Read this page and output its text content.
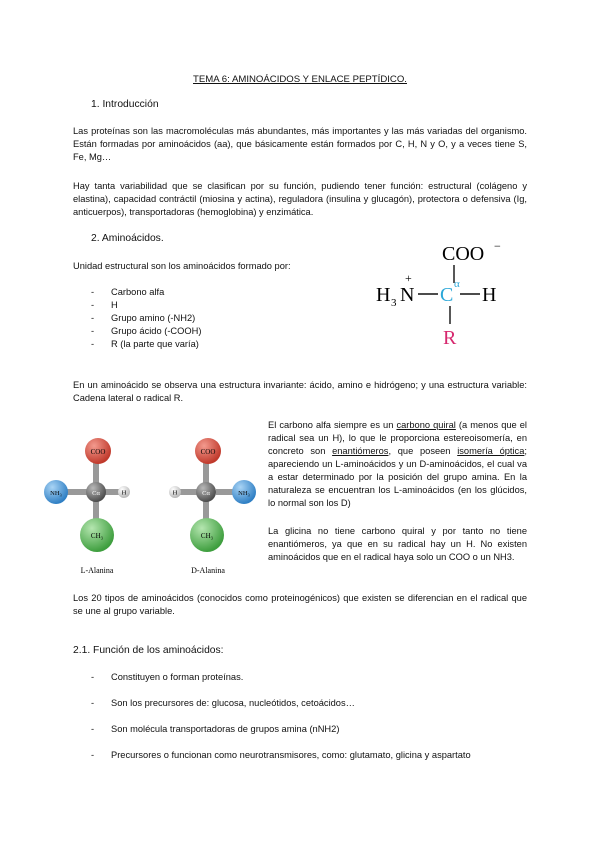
TEMA 6: AMINOÁCIDOS Y ENLACE PEPTÍDICO.
1. Introducción
Las proteínas son las macromoléculas más abundantes, más importantes y las más variadas del organismo. Están formadas por aminoácidos (aa), que básicamente están formados por C, H, N y O, y a veces tiene S, Fe, Mg…
Hay tanta variabilidad que se clasifican por su función, pudiendo tener función: estructural (colágeno y elastina), capacidad contráctil (miosina y actina), reguladora (insulina y glucagón), protectora o defensiva (Ig, anticuerpos), transportadoras (hemoglobina) y enzimática.
2. Aminoácidos.
Unidad estructural son los aminoácidos formado por:
- Carbono alfa
- H
- Grupo amino (-NH2)
- Grupo ácido (-COOH)
- R (la parte que varía)
COO −
H 3 N
+
C α H
R
En un aminoácido se observa una estructura invariante: ácido, amino e hidrógeno; y una estructura variable: Cadena lateral o radical R.
COO
NH₃	Cα	H
CH₃
L-Alanina
COO
H	Cα	NH₃
CH₃
D-Alanina
El carbono alfa siempre es un carbono quiral (a menos que el radical sea un H), lo que le proporciona estereoisomería, en concreto son enantiómeros, que poseen isomería óptica; apareciendo un L-aminoácidos y un D-aminoácidos, el cual va a estar determinado por la posición del grupo amina. En la naturaleza se encuentran los L-aminoácidos (en los glúcidos, lo normal son los D)
La glicina no tiene carbono quiral y por tanto no tiene enantiómeros, ya que en su radical hay un H. No existen aminoácidos que en el radical haya solo un COO o un NH3.
Los 20 tipos de aminoácidos (conocidos como proteinogénicos) que existen se diferencian en el radical que se une al grupo variable.
2.1. Función de los aminoácidos:
- Constituyen o forman proteínas.
- Son los precursores de: glucosa, nucleótidos, cetoácidos…
- Son molécula transportadoras de grupos amina (nNH2)
- Precursores o funcionan como neurotransmisores, como: glutamato, glicina y aspartato
